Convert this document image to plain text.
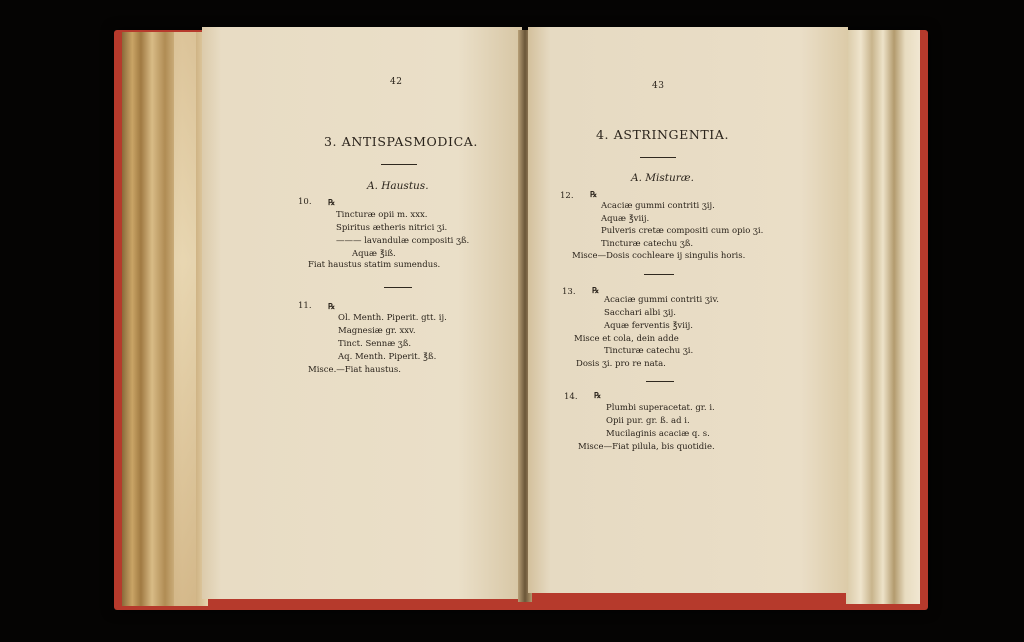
42
3. ANTISPASMODICA.
A. Haustus.
10. ℞
Tincturæ opii m. xxx.
Spiritus ætheris nitrici ʒi.
——— lavandulæ compositi ʒß.
Aquæ ℥iß.
Fiat haustus statim sumendus.
11. ℞
Ol. Menth. Piperit. gtt. ij.
Magnesiæ gr. xxv.
Tinct. Sennæ ʒß.
Aq. Menth. Piperit. ℥ß.
Misce.—Fiat haustus.
43
4. ASTRINGENTIA.
A. Misturæ.
12. ℞
Acaciæ gummi contriti ʒij.
Aquæ ℥viij.
Pulveris cretæ compositi cum opio ʒi.
Tincturæ catechu ʒß.
Misce—Dosis cochleare ij singulis horis.
13. ℞
Acaciæ gummi contriti ʒiv.
Sacchari albi ʒij.
Aquæ ferventis ℥viij.
Misce et cola, dein adde
Tincturæ catechu ʒi.
Dosis ʒi. pro re nata.
14. ℞
Plumbi superacetat. gr. i.
Opii pur. gr. ß. ad i.
Mucilaginis acaciæ q. s.
Misce—Fiat pilula, bis quotidie.
